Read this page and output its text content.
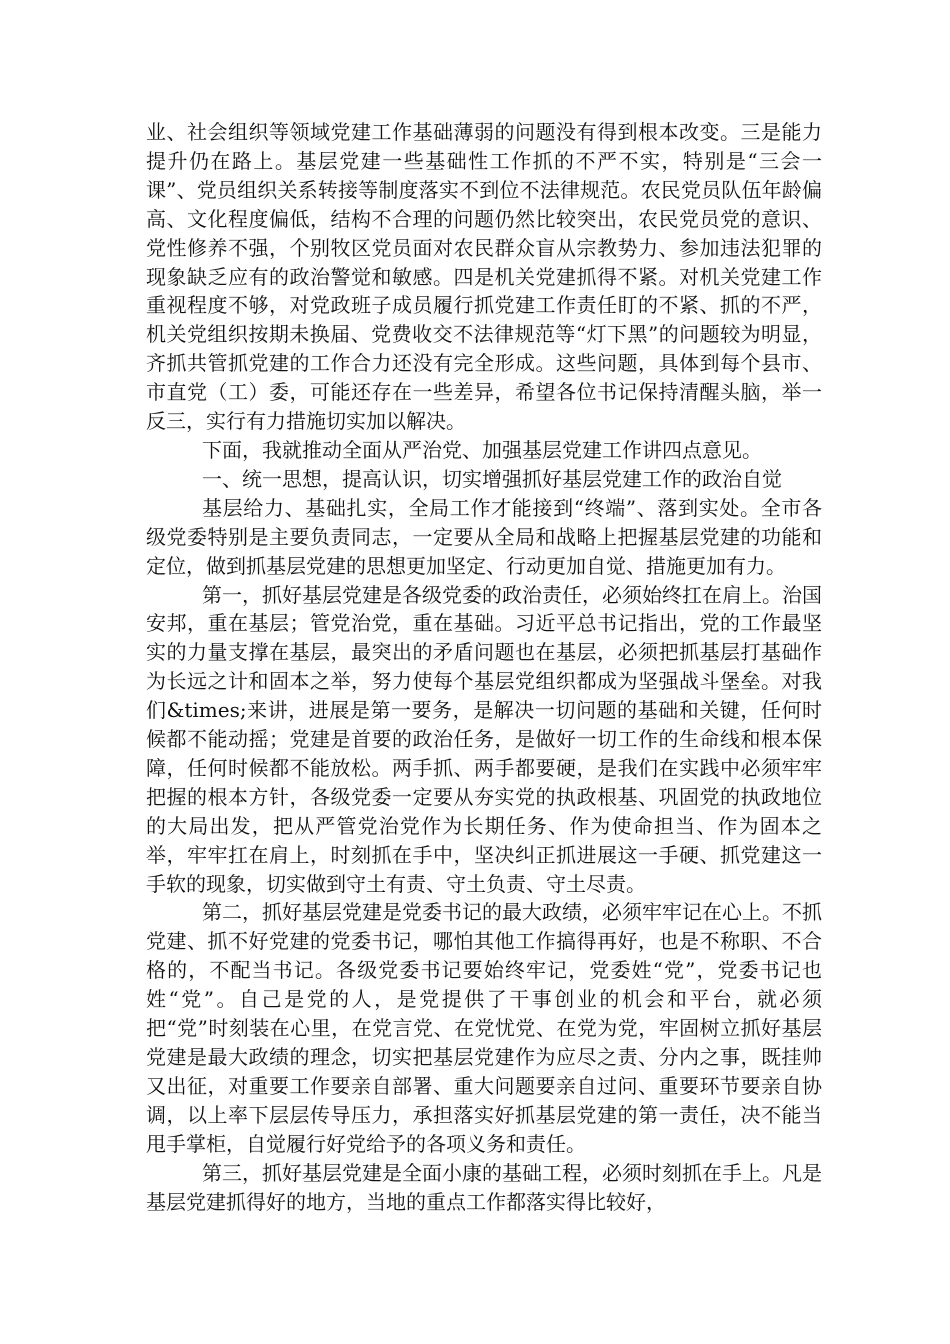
业、社会组织等领域党建工作基础薄弱的问题没有得到根本改变。三是能力提升仍在路上。基层党建一些基础性工作抓的不严不实，特别是“三会一课”、党员组织关系转接等制度落实不到位不法律规范。农民党员队伍年龄偏高、文化程度偏低，结构不合理的问题仍然比较突出，农民党员党的意识、党性修养不强，个别牧区党员面对农民群众盲从宗教势力、参加违法犯罪的现象缺乏应有的政治警觉和敏感。四是机关党建抓得不紧。对机关党建工作重视程度不够，对党政班子成员履行抓党建工作责任盯的不紧、抓的不严，机关党组织按期未换届、党费收交不法律规范等“灯下黑”的问题较为明显，齐抓共管抓党建的工作合力还没有完全形成。这些问题，具体到每个县市、市直党（工）委，可能还存在一些差异，希望各位书记保持清醒头脑，举一反三，实行有力措施切实加以解决。

下面，我就推动全面从严治党、加强基层党建工作讲四点意见。

一、统一思想，提高认识，切实增强抓好基层党建工作的政治自觉

基层给力、基础扎实，全局工作才能接到“终端”、落到实处。全市各级党委特别是主要负责同志，一定要从全局和战略上把握基层党建的功能和定位，做到抓基层党建的思想更加坚定、行动更加自觉、措施更加有力。

第一，抓好基层党建是各级党委的政治责任，必须始终扛在肩上。治国安邦，重在基层；管党治党，重在基础。习近平总书记指出，党的工作最坚实的力量支撑在基层，最突出的矛盾问题也在基层，必须把抓基层打基础作为长远之计和固本之举，努力使每个基层党组织都成为坚强战斗堡垒。对我们&times;来讲，进展是第一要务，是解决一切问题的基础和关键，任何时候都不能动摇；党建是首要的政治任务，是做好一切工作的生命线和根本保障，任何时候都不能放松。两手抓、两手都要硬，是我们在实践中必须牢牢把握的根本方针，各级党委一定要从夯实党的执政根基、巩固党的执政地位的大局出发，把从严管党治党作为长期任务、作为使命担当、作为固本之举，牢牢扛在肩上，时刻抓在手中，坚决纠正抓进展这一手硬、抓党建这一手软的现象，切实做到守土有责、守土负责、守土尽责。

第二，抓好基层党建是党委书记的最大政绩，必须牢牢记在心上。不抓党建、抓不好党建的党委书记，哪怕其他工作搞得再好，也是不称职、不合格的，不配当书记。各级党委书记要始终牢记，党委姓“党”，党委书记也姓“党”。自己是党的人，是党提供了干事创业的机会和平台，就必须把“党”时刻装在心里，在党言党、在党忧党、在党为党，牢固树立抓好基层党建是最大政绩的理念，切实把基层党建作为应尽之责、分内之事，既挂帅又出征，对重要工作要亲自部署、重大问题要亲自过问、重要环节要亲自协调，以上率下层层传导压力，承担落实好抓基层党建的第一责任，决不能当甩手掌柜，自觉履行好党给予的各项义务和责任。

第三，抓好基层党建是全面小康的基础工程，必须时刻抓在手上。凡是基层党建抓得好的地方，当地的重点工作都落实得比较好，
